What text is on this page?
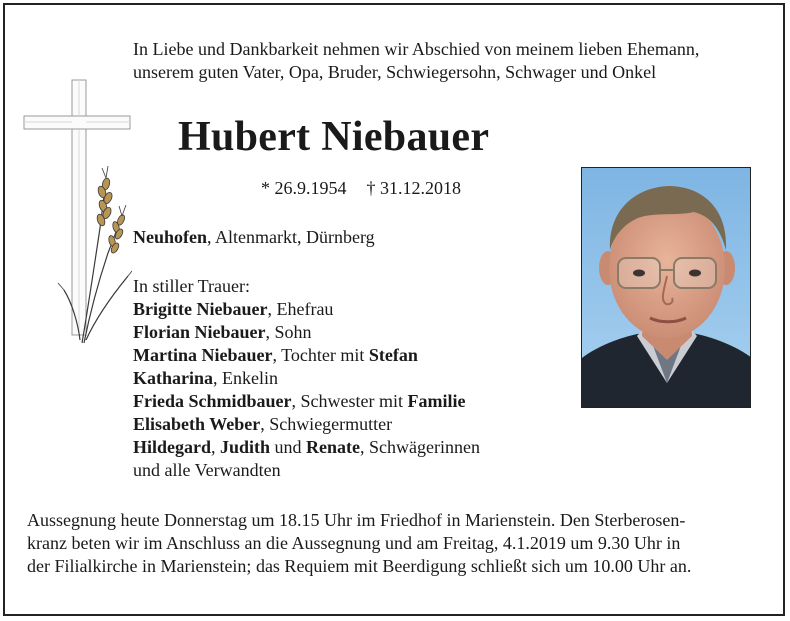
In Liebe und Dankbarkeit nehmen wir Abschied von meinem lieben Ehemann,
unserem guten Vater, Opa, Bruder, Schwiegersohn, Schwager und Onkel
Hubert Niebauer
* 26.9.1954 † 31.12.2018
Neuhofen, Altenmarkt, Dürnberg
In stiller Trauer:
Brigitte Niebauer, Ehefrau
Florian Niebauer, Sohn
Martina Niebauer, Tochter mit Stefan
Katharina, Enkelin
Frieda Schmidbauer, Schwester mit Familie
Elisabeth Weber, Schwiegermutter
Hildegard, Judith und Renate, Schwägerinnen
und alle Verwandten
Aussegnung heute Donnerstag um 18.15 Uhr im Friedhof in Marienstein. Den Sterberosen-
kranz beten wir im Anschluss an die Aussegnung und am Freitag, 4.1.2019 um 9.30 Uhr in
der Filialkirche in Marienstein; das Requiem mit Beerdigung schließt sich um 10.00 Uhr an.
